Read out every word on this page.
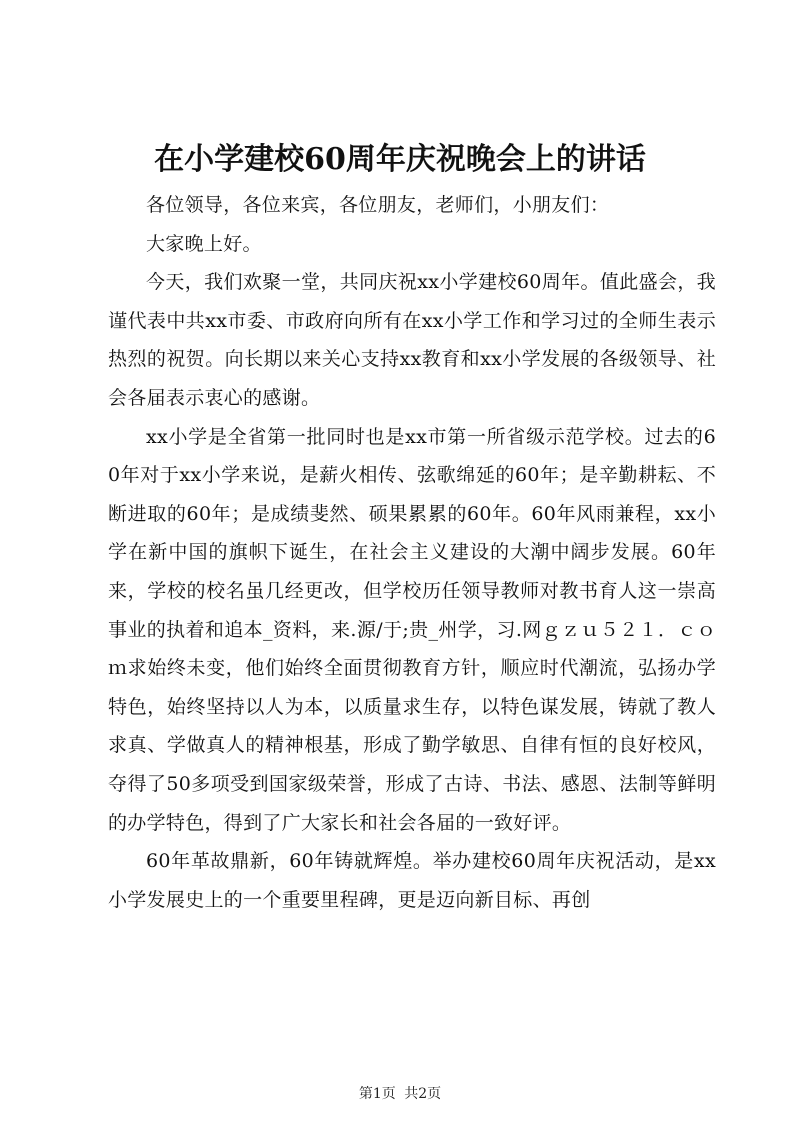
在小学建校60周年庆祝晚会上的讲话

各位领导，各位来宾，各位朋友，老师们，小朋友们：

大家晚上好。

今天，我们欢聚一堂，共同庆祝xx小学建校60周年。值此盛会，我谨代表中共xx市委、市政府向所有在xx小学工作和学习过的全师生表示热烈的祝贺。向长期以来关心支持xx教育和xx小学发展的各级领导、社会各届表示衷心的感谢。

xx小学是全省第一批同时也是xx市第一所省级示范学校。过去的60年对于xx小学来说，是薪火相传、弦歌绵延的60年；是辛勤耕耘、不断进取的60年；是成绩斐然、硕果累累的60年。60年风雨兼程，xx小学在新中国的旗帜下诞生，在社会主义建设的大潮中阔步发展。60年来，学校的校名虽几经更改，但学校历任领导教师对教书育人这一崇高事业的执着和追本_资料，来.源/于;贵_州学，习.网ｇｚｕ５２１．ｃｏｍ求始终未变，他们始终全面贯彻教育方针，顺应时代潮流，弘扬办学特色，始终坚持以人为本，以质量求生存，以特色谋发展，铸就了教人求真、学做真人的精神根基，形成了勤学敏思、自律有恒的良好校风，夺得了50多项受到国家级荣誉，形成了古诗、书法、感恩、法制等鲜明的办学特色，得到了广大家长和社会各届的一致好评。

60年革故鼎新，60年铸就辉煌。举办建校60周年庆祝活动，是xx小学发展史上的一个重要里程碑，更是迈向新目标、再创

第1页 共2页
